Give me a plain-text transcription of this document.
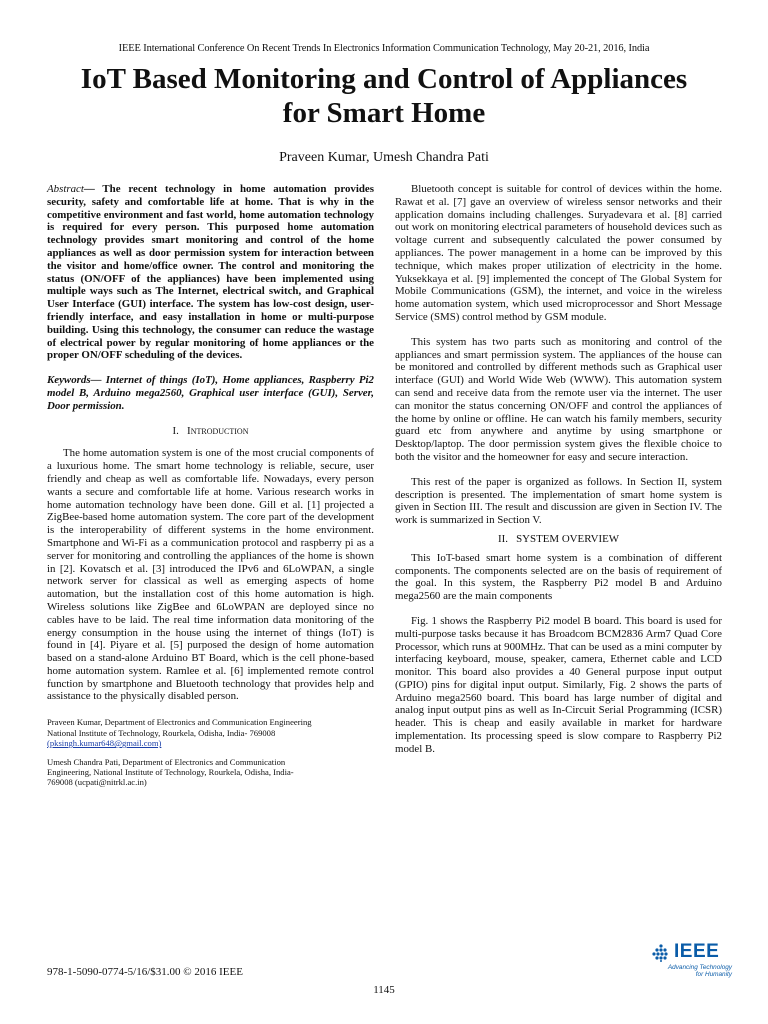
IEEE International Conference On Recent Trends In Electronics Information Communication Technology, May 20-21, 2016, India
IoT Based Monitoring and Control of Appliances
for Smart Home
Praveen Kumar, Umesh Chandra Pati

Abstract— The recent technology in home automation provides security, safety and comfortable life at home. That is why in the competitive environment and fast world, home automation technology is required for every person. This purposed home automation technology provides smart monitoring and control of the home appliances as well as door permission system for interaction between the visitor and home/office owner. The control and monitoring the status (ON/OFF of the appliances) have been implemented using multiple ways such as The Internet, electrical switch, and Graphical User Interface (GUI) interface. The system has low-cost design, user-friendly interface, and easy installation in home or multi-purpose building. Using this technology, the consumer can reduce the wastage of electrical power by regular monitoring of home appliances or the proper ON/OFF scheduling of the devices.

Keywords— Internet of things (IoT), Home appliances, Raspberry Pi2 model B, Arduino mega2560, Graphical user interface (GUI), Server, Door permission.

I. Introduction

The home automation system is one of the most crucial components of a luxurious home. The smart home technology is reliable, secure, user friendly and cheap as well as comfortable life. Nowadays, every person wants a secure and comfortable life at home. Various research works in home automation technology have been done. Gill et al. [1] projected a ZigBee-based home automation system. The core part of the development is the interoperability of different systems in the home environment. Smartphone and Wi-Fi as a communication protocol and raspberry pi as a server for monitoring and controlling the appliances of the home is shown in [2]. Kovatsch et al. [3] introduced the IPv6 and 6LoWPAN, a single network server for classical as well as emerging aspects of home automation, but the installation cost of this home automation is high. Wireless solutions like ZigBee and 6LoWPAN are deployed since no cables have to be laid. The real time information data monitoring of the energy consumption in the house using the internet of things (IoT) is found in [4]. Piyare et al. [5] purposed the design of home automation based on a stand-alone Arduino BT Board, which is the cell phone-based home automation system. Ramlee et al. [6] implemented remote control function by smartphone and Bluetooth technology that provides help and assistance to the physically disabled person.

Praveen Kumar, Department of Electronics and Communication Engineering
National Institute of Technology, Rourkela, Odisha, India- 769008
(pksingh.kumar648@gmail.com)
Umesh Chandra Pati, Department of Electronics and Communication
Engineering, National Institute of Technology, Rourkela, Odisha, India-
769008 (ucpati@nitrkl.ac.in)

Bluetooth concept is suitable for control of devices within the home. Rawat et al. [7] gave an overview of wireless sensor networks and their application domains including challenges. Suryadevara et al. [8] carried out work on monitoring electrical parameters of household devices such as voltage current and subsequently calculated the power consumed by appliances. The power management in a home can be improved by this technique, which makes proper utilization of electricity in the home. Yuksekkaya et al. [9] implemented the concept of The Global System for Mobile Communications (GSM), the internet, and voice in the wireless home automation system, which used microprocessor and Short Message Service (SMS) control method by GSM module.

This system has two parts such as monitoring and control of the appliances and smart permission system. The appliances of the house can be monitored and controlled by different methods such as Graphical user interface (GUI) and World Wide Web (WWW). This automation system can send and receive data from the remote user via the internet. The user can monitor the status concerning ON/OFF and control the appliances of the home by online or offline. He can watch his family members, security guard etc from anywhere and anytime by using smartphone or Desktop/laptop. The door permission system gives the flexible choice to both the visitor and the homeowner for easy and secure interaction.

This rest of the paper is organized as follows. In Section II, system description is presented. The implementation of smart home system is given in Section III. The result and discussion are given in Section IV. The work is summarized in Section V.

II. SYSTEM OVERVIEW

This IoT-based smart home system is a combination of different components. The components selected are on the basis of requirement of the goal. In this system, the Raspberry Pi2 model B and Arduino mega2560 are the main components

Fig. 1 shows the Raspberry Pi2 model B board. This board is used for multi-purpose tasks because it has Broadcom BCM2836 Arm7 Quad Core Processor, which runs at 900MHz. That can be used as a mini computer by interfacing keyboard, mouse, speaker, camera, Ethernet cable and LCD monitor. This board also provides a 40 General purpose input output (GPIO) pins for digital input output. Similarly, Fig. 2 shows the parts of Arduino mega2560 board. This board has large number of digital and analog input output pins as well as In-Circuit Serial Programming (ICSR) header. This is cheap and easily available in market for hardware implementation. Its processing speed is slow compare to Raspberry Pi2 model B.

978-1-5090-0774-5/16/$31.00 © 2016 IEEE
1145
IEEE
Advancing Technology
for Humanity
